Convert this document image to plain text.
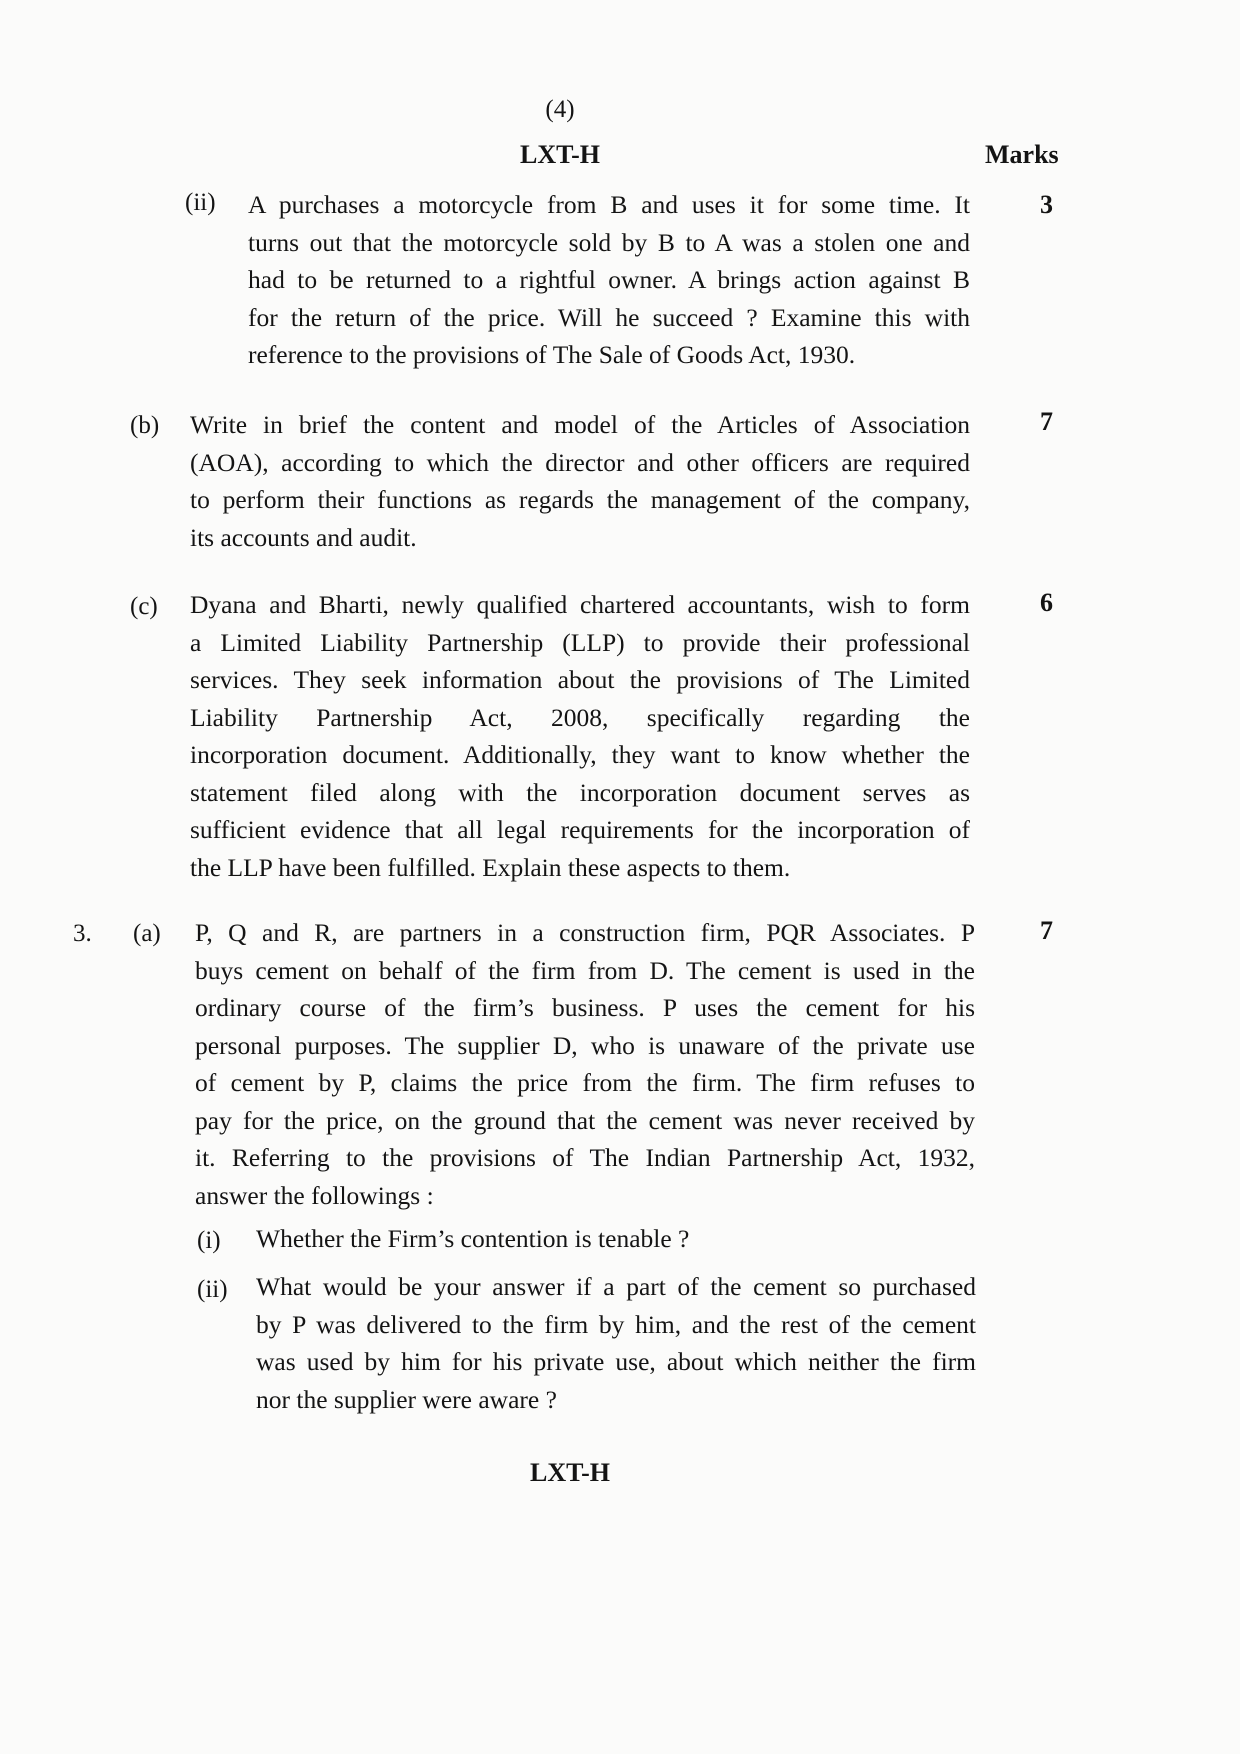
(4)
LXT-H	Marks
(ii) A purchases a motorcycle from B and uses it for some time. It
turns out that the motorcycle sold by B to A was a stolen one and
had to be returned to a rightful owner. A brings action against B
for the return of the price. Will he succeed ? Examine this with
reference to the provisions of The Sale of Goods Act, 1930.
3
(b) Write in brief the content and model of the Articles of Association
(AOA), according to which the director and other officers are required
to perform their functions as regards the management of the company,
its accounts and audit.
7
(c) Dyana and Bharti, newly qualified chartered accountants, wish to form
a Limited Liability Partnership (LLP) to provide their professional
services. They seek information about the provisions of The Limited
Liability Partnership Act, 2008, specifically regarding the
incorporation document. Additionally, they want to know whether the
statement filed along with the incorporation document serves as
sufficient evidence that all legal requirements for the incorporation of
the LLP have been fulfilled. Explain these aspects to them.
6
3. (a) P, Q and R, are partners in a construction firm, PQR Associates. P
buys cement on behalf of the firm from D. The cement is used in the
ordinary course of the firm’s business. P uses the cement for his
personal purposes. The supplier D, who is unaware of the private use
of cement by P, claims the price from the firm. The firm refuses to
pay for the price, on the ground that the cement was never received by
it. Referring to the provisions of The Indian Partnership Act, 1932,
answer the followings :
7
(i) Whether the Firm’s contention is tenable ?
(ii) What would be your answer if a part of the cement so purchased
by P was delivered to the firm by him, and the rest of the cement
was used by him for his private use, about which neither the firm
nor the supplier were aware ?
LXT-H
